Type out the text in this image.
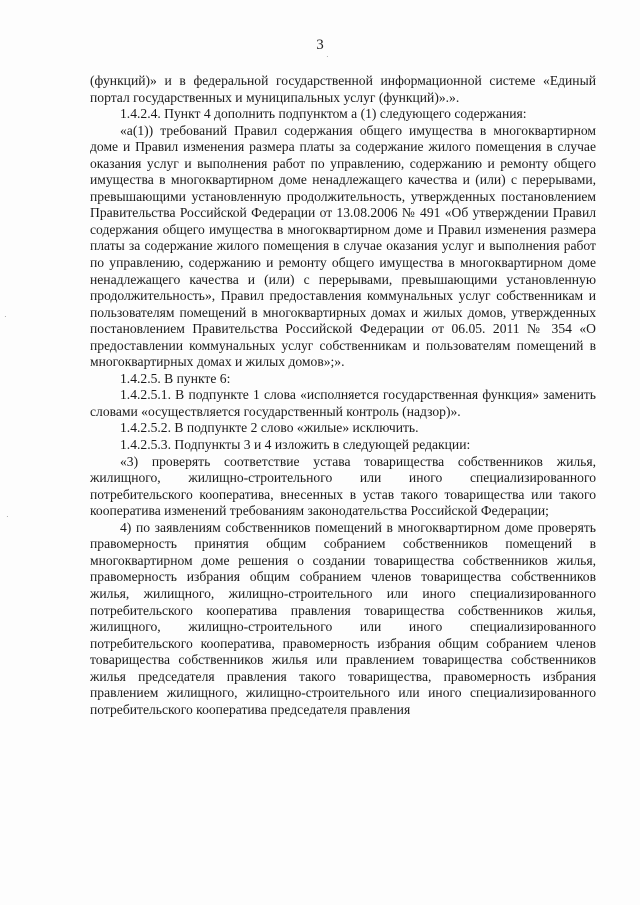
3
·
·
·

(функций)» и в федеральной государственной информационной системе «Единый портал государственных и муниципальных услуг (функций)».».

1.4.2.4. Пункт 4 дополнить подпунктом а (1) следующего содержания:

«а(1)) требований Правил содержания общего имущества в многоквартирном доме и Правил изменения размера платы за содержание жилого помещения в случае оказания услуг и выполнения работ по управлению, содержанию и ремонту общего имущества в многоквартирном доме ненадлежащего качества и (или) с перерывами, превышающими установленную продолжительность, утвержденных постановлением Правительства Российской Федерации от 13.08.2006 № 491 «Об утверждении Правил содержания общего имущества в многоквартирном доме и Правил изменения размера платы за содержание жилого помещения в случае оказания услуг и выполнения работ по управлению, содержанию и ремонту общего имущества в многоквартирном доме ненадлежащего качества и (или) с перерывами, превышающими установленную продолжительность», Правил предоставления коммунальных услуг собственникам и пользователям помещений в многоквартирных домах и жилых домов, утвержденных постановлением Правительства Российской Федерации от 06.05. 2011 № 354 «О предоставлении коммунальных услуг собственникам и пользователям помещений в многоквартирных домах и жилых домов»;».

1.4.2.5. В пункте 6:

1.4.2.5.1. В подпункте 1 слова «исполняется государственная функция» заменить словами «осуществляется государственный контроль (надзор)».

1.4.2.5.2. В подпункте 2 слово «жилые» исключить.

1.4.2.5.3. Подпункты 3 и 4 изложить в следующей редакции:

«3) проверять соответствие устава товарищества собственников жилья, жилищного, жилищно-строительного или иного специализированного потребительского кооператива, внесенных в устав такого товарищества или такого кооператива изменений требованиям законодательства Российской Федерации;

4) по заявлениям собственников помещений в многоквартирном доме проверять правомерность принятия общим собранием собственников помещений в многоквартирном доме решения о создании товарищества собственников жилья, правомерность избрания общим собранием членов товарищества собственников жилья, жилищного, жилищно-строительного или иного специализированного потребительского кооператива правления товарищества собственников жилья, жилищного, жилищно-строительного или иного специализированного потребительского кооператива, правомерность избрания общим собранием членов товарищества собственников жилья или правлением товарищества собственников жилья председателя правления такого товарищества, правомерность избрания правлением жилищного, жилищно-строительного или иного специализированного потребительского кооператива председателя правления
